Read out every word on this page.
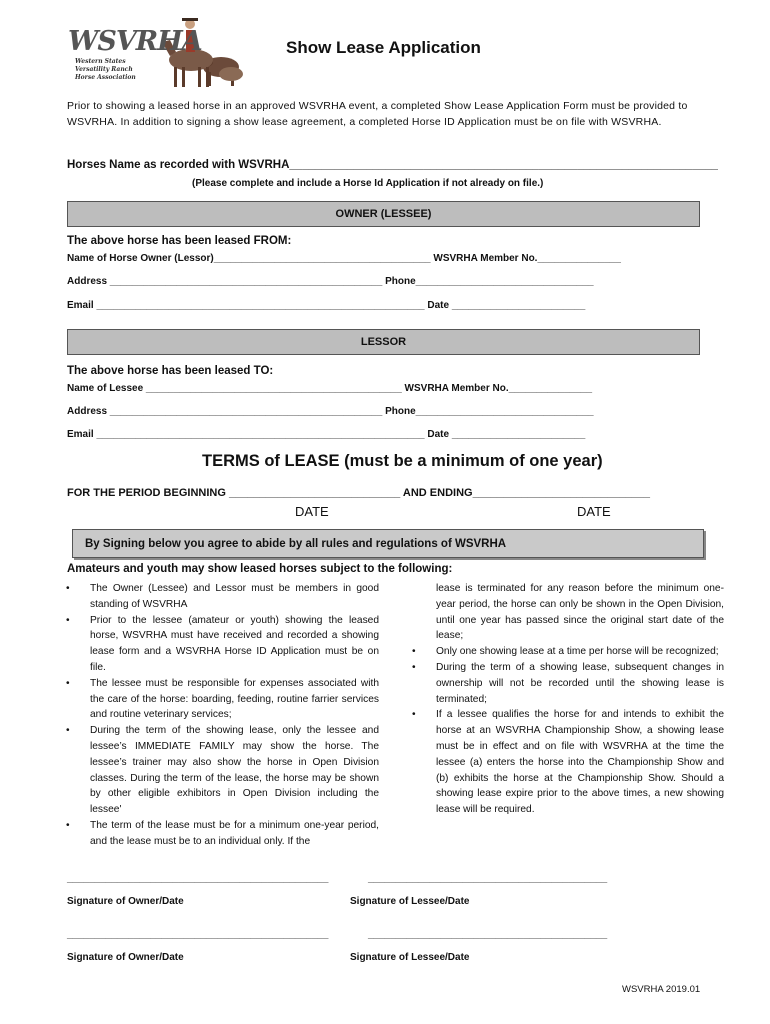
WSVRHA
Western States Versatility Ranch Horse Association
Show Lease Application
Prior to showing a leased horse in an approved WSVRHA event, a completed Show Lease Application Form must be provided to WSVRHA. In addition to signing a show lease agreement, a completed Horse ID Application must be on file with WSVRHA.
Horses Name as recorded with WSVRHA___________________________________________________________________
(Please complete and include a Horse Id Application if not already on file.)
OWNER (LESSEE)
The above horse has been leased FROM:
Name of Horse Owner (Lessor)_______________________________________ WSVRHA Member No._______________
Address _________________________________________________ Phone________________________________
Email ___________________________________________________________ Date ________________________
LESSOR
The above horse has been leased TO:
Name of Lessee ______________________________________________ WSVRHA Member No._______________
Address _________________________________________________ Phone________________________________
Email ___________________________________________________________ Date ________________________
TERMS of LEASE (must be a minimum of one year)
FOR THE PERIOD BEGINNING ____________________________ AND ENDING_____________________________
DATE	DATE
By Signing below you agree to abide by all rules and regulations of WSVRHA
Amateurs and youth may show leased horses subject to the following:
• The Owner (Lessee) and Lessor must be members in good standing of WSVRHA
• Prior to the lessee (amateur or youth) showing the leased horse, WSVRHA must have received and recorded a showing lease form and a WSVRHA Horse ID Application must be on file.
• The lessee must be responsible for expenses associated with the care of the horse: boarding, feeding, routine farrier services and routine veterinary services;
• During the term of the showing lease, only the lessee and lessee’s IMMEDIATE FAMILY may show the horse. The lessee’s trainer may also show the horse in Open Division classes. During the term of the lease, the horse may be shown by other eligible exhibitors in Open Division including the lessee'
• The term of the lease must be for a minimum one-year period, and the lease must be to an individual only. If the
lease is terminated for any reason before the minimum one-year period, the horse can only be shown in the Open Division, until one year has passed since the original start date of the lease;
• Only one showing lease at a time per horse will be recognized;
• During the term of a showing lease, subsequent changes in ownership will not be recorded until the showing lease is terminated;
• If a lessee qualifies the horse for and intends to exhibit the horse at an WSVRHA Championship Show, a showing lease must be in effect and on file with WSVRHA at the time the lessee (a) enters the horse into the Championship Show and (b) exhibits the horse at the Championship Show. Should a showing lease expire prior to the above times, a new showing lease will be required.
_______________________________________________	___________________________________________
Signature of Owner/Date	Signature of Lessee/Date
_______________________________________________	___________________________________________
Signature of Owner/Date	Signature of Lessee/Date
WSVRHA 2019.01
